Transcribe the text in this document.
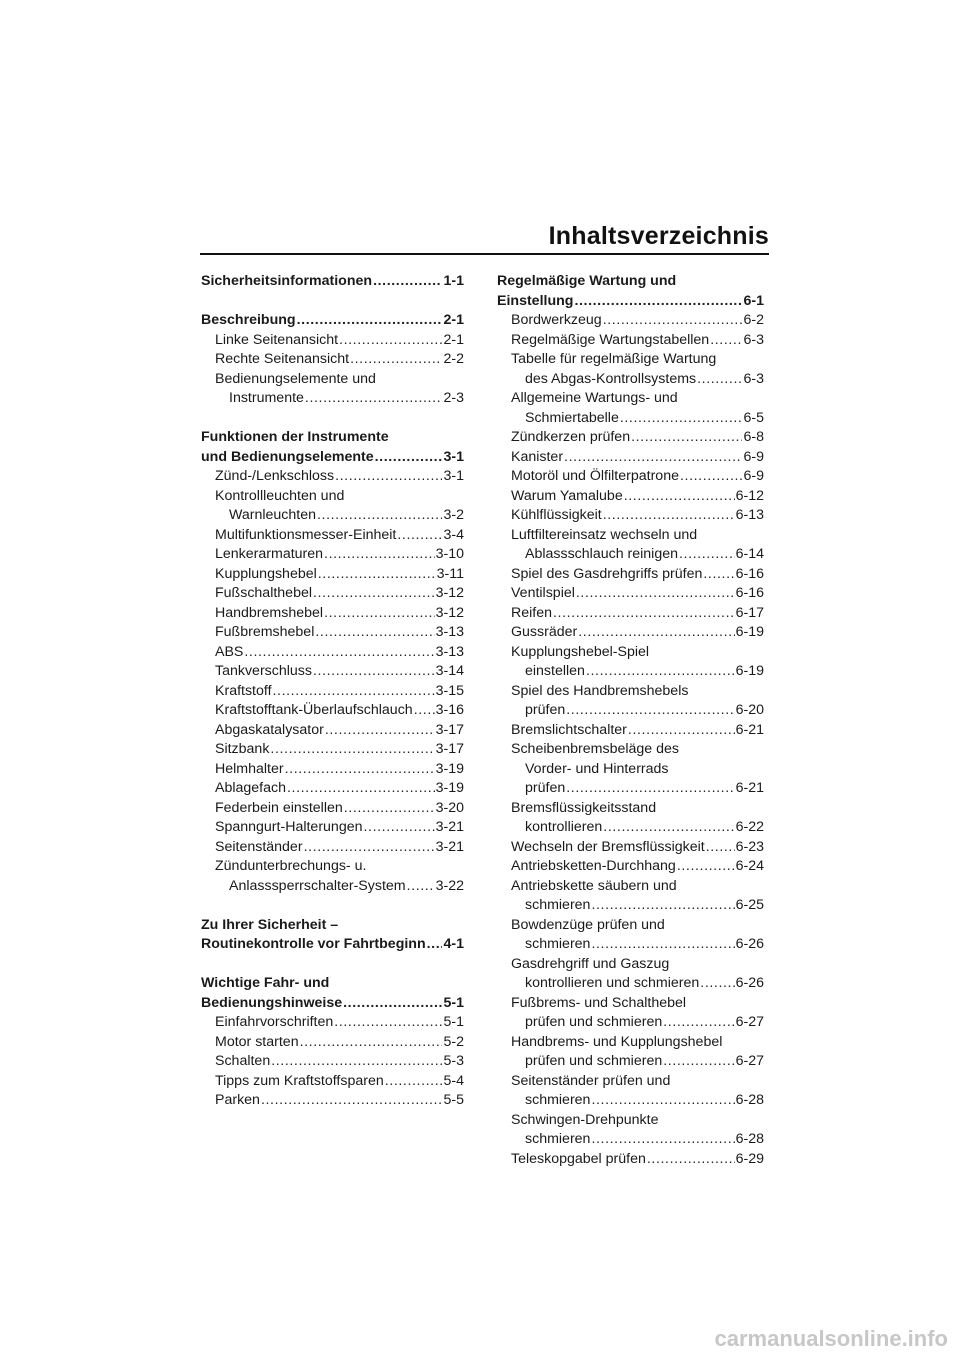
Inhaltsverzeichnis
Sicherheitsinformationen .....	1-1
Beschreibung .....	2-1
Linke Seitenansicht .....	2-1
Rechte Seitenansicht .....	2-2
Bedienungselemente und
Instrumente .....	2-3
Funktionen der Instrumente
und Bedienungselemente .....	3-1
Zünd-/Lenkschloss .....	3-1
Kontrollleuchten und
Warnleuchten .....	3-2
Multifunktionsmesser-Einheit .....	3-4
Lenkerarmaturen .....	3-10
Kupplungshebel .....	3-11
Fußschalthebel .....	3-12
Handbremshebel .....	3-12
Fußbremshebel .....	3-13
ABS .....	3-13
Tankverschluss .....	3-14
Kraftstoff .....	3-15
Kraftstofftank-Überlaufschlauch ..... 3-16
Abgaskatalysator .....	3-17
Sitzbank .....	3-17
Helmhalter .....	3-19
Ablagefach .....	3-19
Federbein einstellen .....	3-20
Spanngurt-Halterungen .....	3-21
Seitenständer .....	3-21
Zündunterbrechungs- u.
Anlasssperrschalter-System ..... 3-22
Zu Ihrer Sicherheit –
Routinekontrolle vor Fahrtbeginn ..... 4-1
Wichtige Fahr- und
Bedienungshinweise .....	5-1
Einfahrvorschriften .....	5-1
Motor starten .....	5-2
Schalten .....	5-3
Tipps zum Kraftstoffsparen .....	5-4
Parken .....	5-5
Regelmäßige Wartung und
Einstellung .....	6-1
Bordwerkzeug .....	6-2
Regelmäßige Wartungstabellen ..... 6-3
Tabelle für regelmäßige Wartung
des Abgas-Kontrollsystems .....	6-3
Allgemeine Wartungs- und
Schmiertabelle .....	6-5
Zündkerzen prüfen .....	6-8
Kanister .....	6-9
Motoröl und Ölfilterpatrone .....	6-9
Warum Yamalube .....	6-12
Kühlflüssigkeit .....	6-13
Luftfiltereinsatz wechseln und
Ablassschlauch reinigen .....	6-14
Spiel des Gasdrehgriffs prüfen ..... 6-16
Ventilspiel .....	6-16
Reifen .....	6-17
Gussräder .....	6-19
Kupplungshebel-Spiel
einstellen .....	6-19
Spiel des Handbremshebels
prüfen .....	6-20
Bremslichtschalter .....	6-21
Scheibenbremsbeläge des
Vorder- und Hinterrads
prüfen .....	6-21
Bremsflüssigkeitsstand
kontrollieren .....	6-22
Wechseln der Bremsflüssigkeit ..... 6-23
Antriebsketten-Durchhang .....	6-24
Antriebskette säubern und
schmieren .....	6-25
Bowdenzüge prüfen und
schmieren .....	6-26
Gasdrehgriff und Gaszug
kontrollieren und schmieren .....	6-26
Fußbrems- und Schalthebel
prüfen und schmieren .....	6-27
Handbrems- und Kupplungshebel
prüfen und schmieren .....	6-27
Seitenständer prüfen und
schmieren .....	6-28
Schwingen-Drehpunkte
schmieren .....	6-28
Teleskopgabel prüfen .....	6-29
carmanualsonline.info
